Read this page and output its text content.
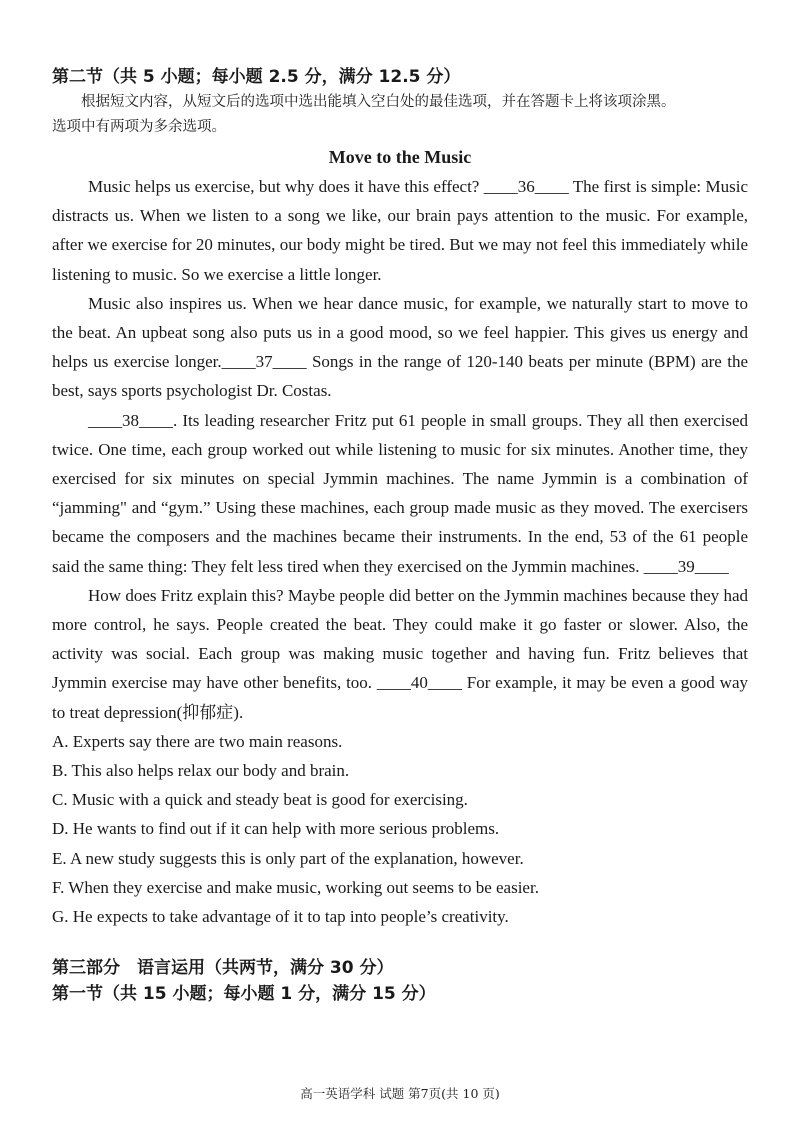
第二节（共 5 小题；每小题 2.5 分，满分 12.5 分）

根据短文内容，从短文后的选项中选出能填入空白处的最佳选项，并在答题卡上将该项涂黑。

选项中有两项为多余选项。

Move to the Music

Music helps us exercise, but why does it have this effect? ____36____ The first is simple: Music distracts us. When we listen to a song we like, our brain pays attention to the music. For example, after we exercise for 20 minutes, our body might be tired. But we may not feel this immediately while listening to music. So we exercise a little longer.

Music also inspires us. When we hear dance music, for example, we naturally start to move to the beat. An upbeat song also puts us in a good mood, so we feel happier. This gives us energy and helps us exercise longer.____37____ Songs in the range of 120-140 beats per minute (BPM) are the best, says sports psychologist Dr. Costas.

____38____. Its leading researcher Fritz put 61 people in small groups. They all then exercised twice. One time, each group worked out while listening to music for six minutes. Another time, they exercised for six minutes on special Jymmin machines. The name Jymmin is a combination of “jamming" and “gym.” Using these machines, each group made music as they moved. The exercisers became the composers and the machines became their instruments. In the end, 53 of the 61 people said the same thing: They felt less tired when they exercised on the Jymmin machines. ____39____

How does Fritz explain this? Maybe people did better on the Jymmin machines because they had more control, he says. People created the beat. They could make it go faster or slower. Also, the activity was social. Each group was making music together and having fun. Fritz believes that Jymmin exercise may have other benefits, too. ____40____ For example, it may be even a good way to treat depression(抑郁症).

A. Experts say there are two main reasons.

B. This also helps relax our body and brain.

C. Music with a quick and steady beat is good for exercising.

D. He wants to find out if it can help with more serious problems.

E. A new study suggests this is only part of the explanation, however.

F. When they exercise and make music, working out seems to be easier.

G. He expects to take advantage of it to tap into people’s creativity.

第三部分　语言运用（共两节，满分 30 分）

第一节（共 15 小题；每小题 1 分，满分 15 分）

高一英语学科 试题 第7页(共 10 页)
